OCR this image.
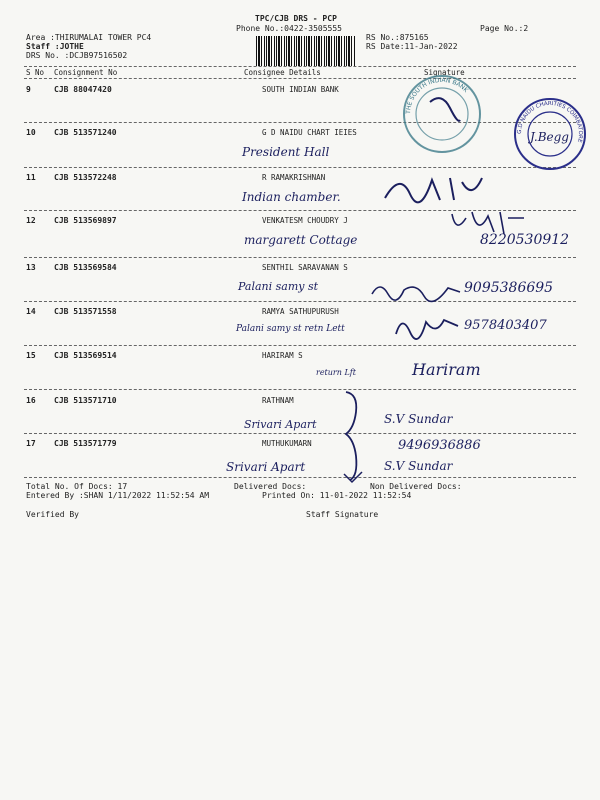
TPC/CJB DRS - PCP
Phone No.:0422-3505555	Page No.:2
Area :THIRUMALAI TOWER PC4
Staff :JOTHE
DRS No. :DCJB97516502
RS No.:875165
RS Date:11-Jan-2022
S No Consignment No	Consignee Details	Signature
9	CJB 88047420	SOUTH INDIAN BANK
10 CJB 513571240	G D NAIDU CHART IEIES
President Hall
11 CJB 513572248	R RAMAKRISHNAN
Indian chamber.
12 CJB 513569897	VENKATESM CHOUDRY J
margarett Cottage	8220530912
13 CJB 513569584	SENTHIL SARAVANAN S
Palani samy st	9095386695
14 CJB 513571558	RAMYA SATHUPURUSH
Palani samy st retn Lett	9578403407
15 CJB 513569514	HARIRAM S
return Lft	Hariram
16 CJB 513571710	RATHNAM
Srivari Apart	S.V Sundar
17 CJB 513571779	MUTHUKUMARN	9496936886
Srivari Apart	S.V Sundar
THE SOUTH INDIAN BANK
G.D NAIDU CHARITIES COIMBATORE
J.Begg
Total No. Of Docs: 17	Delivered Docs:	Non Delivered Docs:
Entered By :SHAN 1/11/2022 11:52:54 AM	Printed On: 11-01-2022 11:52:54
Verified By	Staff Signature
